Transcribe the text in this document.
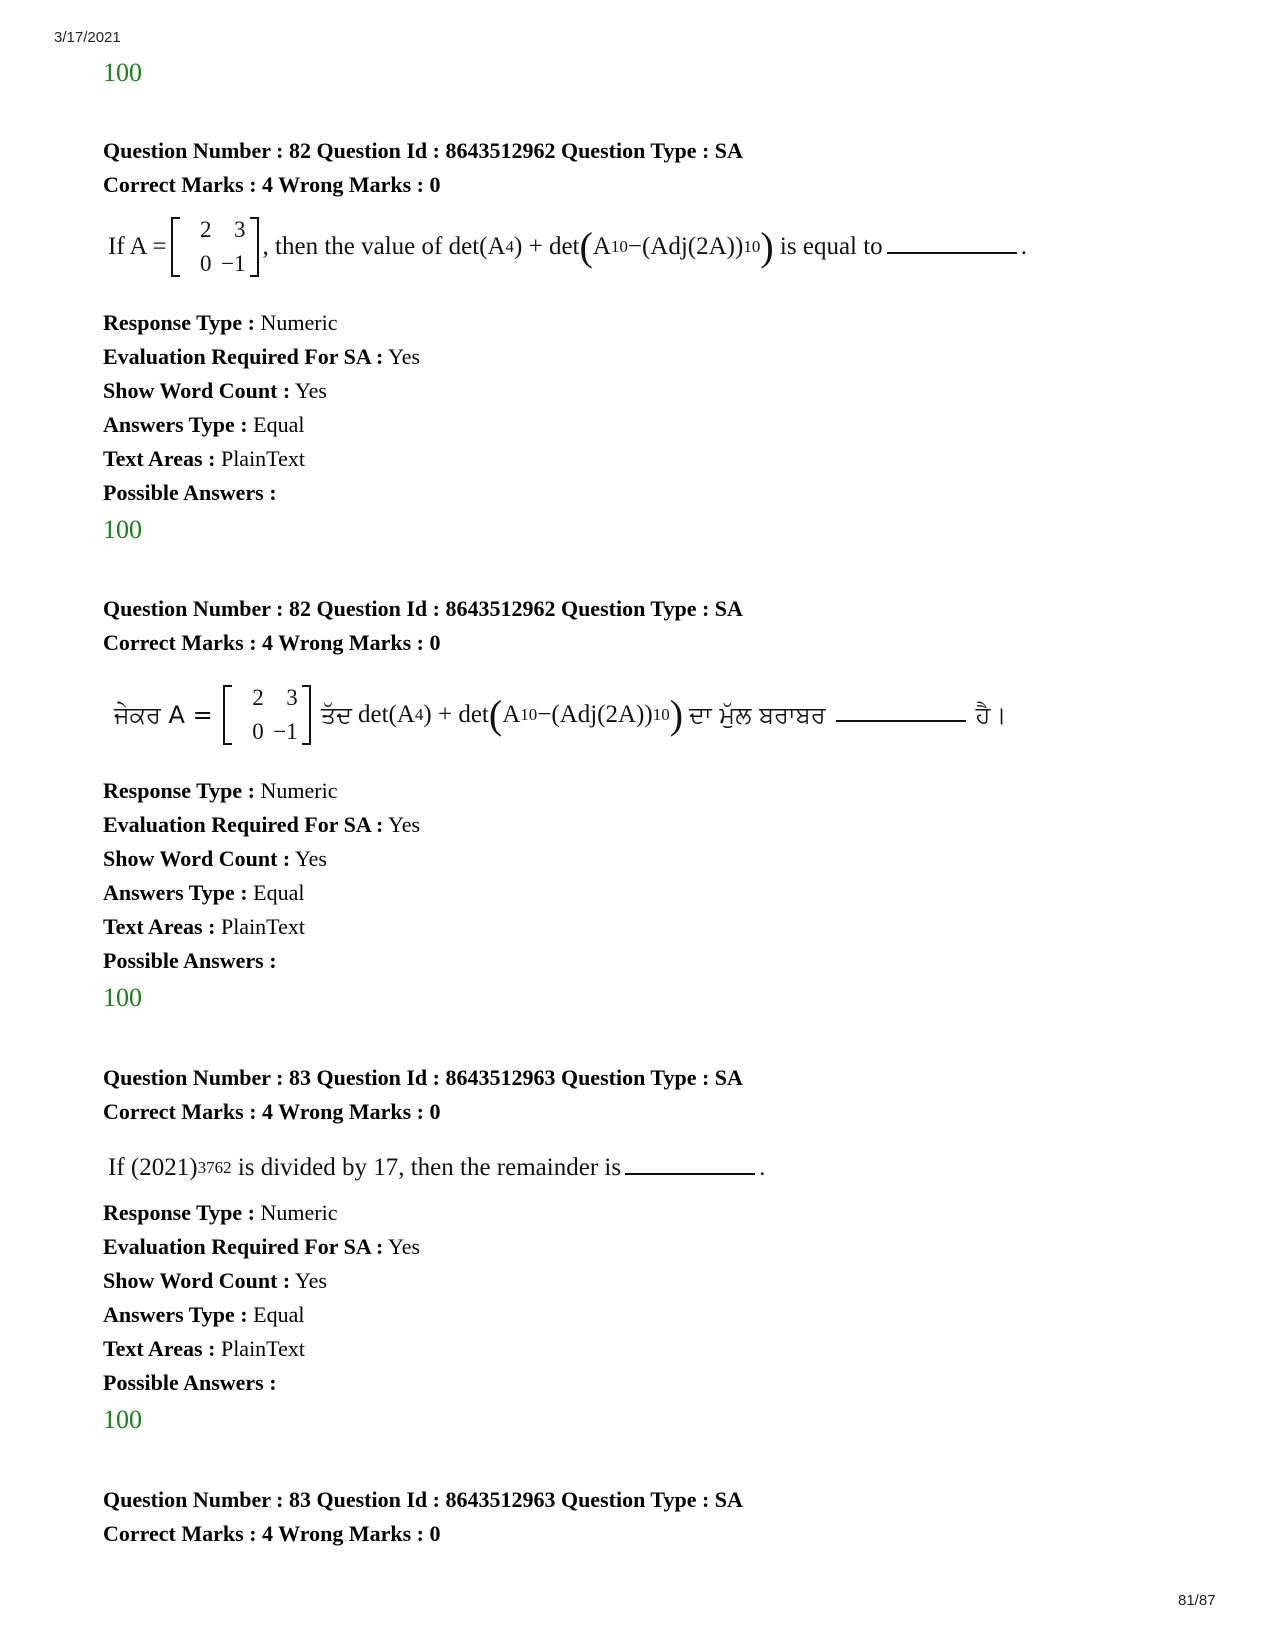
3/17/2021
100
Question Number : 82 Question Id : 8643512962 Question Type : SA
Correct Marks : 4 Wrong Marks : 0
If A =
2 3
0 −1
, then the value of det(A 4 ) + det ( A 10 −(Adj(2A)) 10 )
is equal to	.
Response Type : Numeric
Evaluation Required For SA : Yes
Show Word Count : Yes
Answers Type : Equal
Text Areas : PlainText
Possible Answers :
100
Question Number : 82 Question Id : 8643512962 Question Type : SA
Correct Marks : 4 Wrong Marks : 0
ਜੇਕਰ A =
2 3
0 −1
ਤੱਦ det(A 4 ) + det ( A 10 −(Adj(2A)) 10 ) ਦਾ ਮੁੱਲ ਬਰਾਬਰ	ਹੈ।
Response Type : Numeric
Evaluation Required For SA : Yes
Show Word Count : Yes
Answers Type : Equal
Text Areas : PlainText
Possible Answers :
100
Question Number : 83 Question Id : 8643512963 Question Type : SA
Correct Marks : 4 Wrong Marks : 0
If (2021) 3762
is divided by 17, then the remainder is	.
Response Type : Numeric
Evaluation Required For SA : Yes
Show Word Count : Yes
Answers Type : Equal
Text Areas : PlainText
Possible Answers :
100
Question Number : 83 Question Id : 8643512963 Question Type : SA
Correct Marks : 4 Wrong Marks : 0
81/87
